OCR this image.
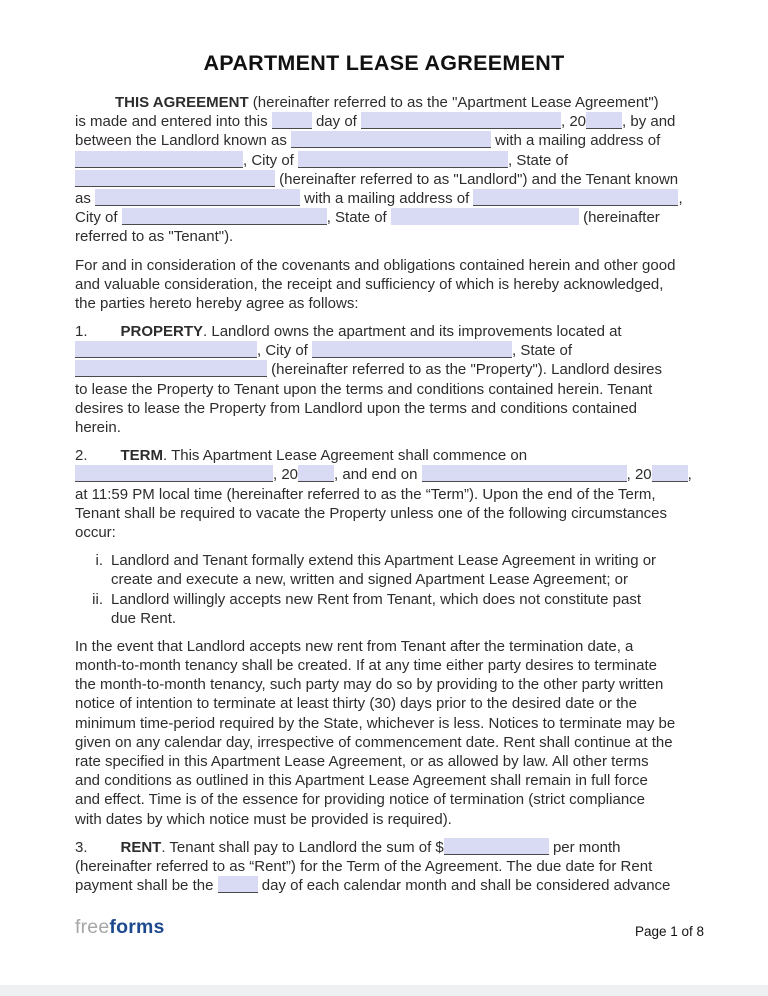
APARTMENT LEASE AGREEMENT
THIS AGREEMENT (hereinafter referred to as the "Apartment Lease Agreement")
is made and entered into this	day of	, 20 , by and
between the Landlord known as	with a mailing address of
, City of	, State of
(hereinafter referred to as "Landlord") and the Tenant known
as	with a mailing address of	,
City of	, State of	(hereinafter
referred to as "Tenant").
For and in consideration of the covenants and obligations contained herein and other good
and valuable consideration, the receipt and sufficiency of which is hereby acknowledged,
the parties hereto hereby agree as follows:
1. PROPERTY. Landlord owns the apartment and its improvements located at
, City of	, State of
(hereinafter referred to as the "Property"). Landlord desires
to lease the Property to Tenant upon the terms and conditions contained herein. Tenant
desires to lease the Property from Landlord upon the terms and conditions contained
herein.
2. TERM. This Apartment Lease Agreement shall commence on
, 20 , and end on	, 20 ,
at 11:59 PM local time (hereinafter referred to as the “Term”). Upon the end of the Term,
Tenant shall be required to vacate the Property unless one of the following circumstances
occur:
i. Landlord and Tenant formally extend this Apartment Lease Agreement in writing or
create and execute a new, written and signed Apartment Lease Agreement; or
ii. Landlord willingly accepts new Rent from Tenant, which does not constitute past
due Rent.
In the event that Landlord accepts new rent from Tenant after the termination date, a
month-to-month tenancy shall be created. If at any time either party desires to terminate
the month-to-month tenancy, such party may do so by providing to the other party written
notice of intention to terminate at least thirty (30) days prior to the desired date or the
minimum time-period required by the State, whichever is less. Notices to terminate may be
given on any calendar day, irrespective of commencement date. Rent shall continue at the
rate specified in this Apartment Lease Agreement, or as allowed by law. All other terms
and conditions as outlined in this Apartment Lease Agreement shall remain in full force
and effect. Time is of the essence for providing notice of termination (strict compliance
with dates by which notice must be provided is required).
3. RENT. Tenant shall pay to Landlord the sum of $	per month
(hereinafter referred to as “Rent”) for the Term of the Agreement. The due date for Rent
payment shall be the	day of each calendar month and shall be considered advance
freeforms	Page 1 of 8
